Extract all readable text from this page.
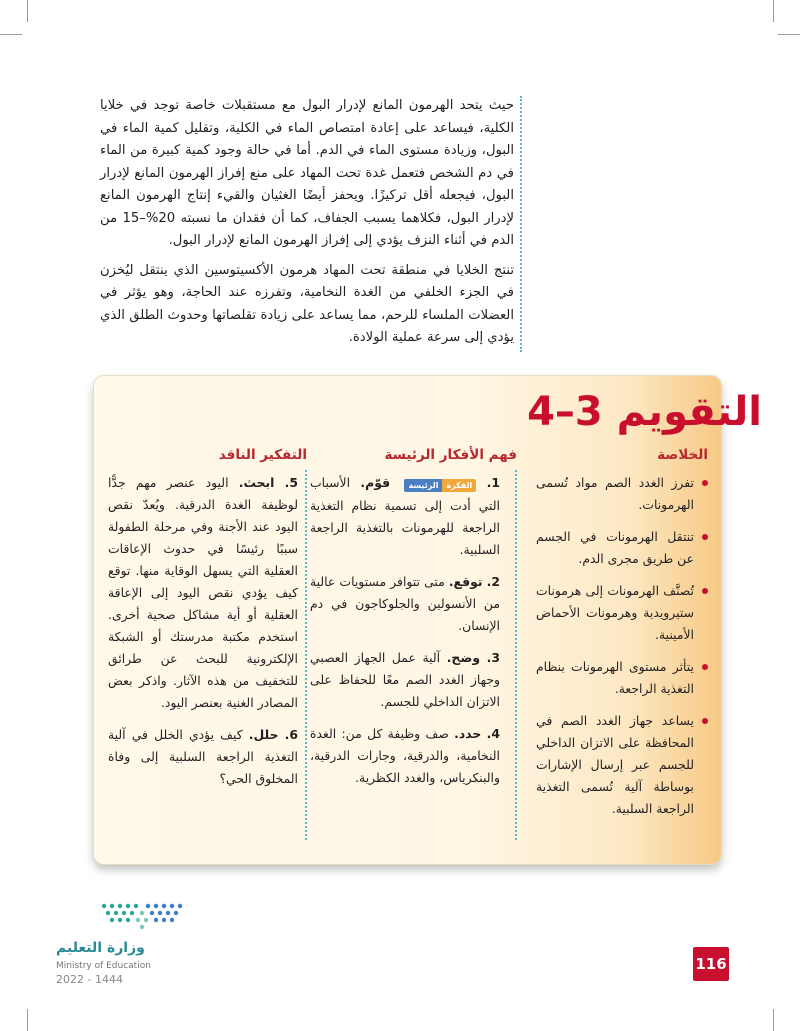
حيث يتحد الهرمون المانع لإدرار البول مع مستقبلات خاصة توجد في خلايا الكلية، فيساعد على إعادة امتصاص الماء في الكلية، وتقليل كمية الماء في البول، وزيادة مستوى الماء في الدم. أما في حالة وجود كمية كبيرة من الماء في دم الشخص فتعمل غدة تحت المهاد على منع إفراز الهرمون المانع لإدرار البول، فيجعله أقل تركيزًا. ويحفز أيضًا الغثيان والقيء إنتاج الهرمون المانع لإدرار البول، فكلاهما يسبب الجفاف، كما أن فقدان ما نسبته 20%–15 من الدم في أثناء النزف يؤدي إلى إفراز الهرمون المانع لإدرار البول.

تنتج الخلايا في منطقة تحت المهاد هرمون الأكسيتوسين الذي ينتقل ليُخزن في الجزء الخلفي من الغدة النخامية، وتفرزه عند الحاجة، وهو يؤثر في العضلات الملساء للرحم، مما يساعد على زيادة تقلصاتها وحدوث الطلق الذي يؤدي إلى سرعة عملية الولادة.

التقويم 3–4
الخلاصة
فهم الأفكار الرئيسة
التفكير الناقد
تفرز الغدد الصم مواد تُسمى الهرمونات.
تنتقل الهرمونات في الجسم عن طريق مجرى الدم.
تُصنَّف الهرمونات إلى هرمونات ستيرويدية وهرمونات الأحماض الأمينية.
يتأثر مستوى الهرمونات بنظام التغذية الراجعة.
يساعد جهاز الغدد الصم في المحافظة على الاتزان الداخلي للجسم عبر إرسال الإشارات بوساطة آلية تُسمى التغذية الراجعة السلبية.
1. الفكرةالرئيسة قوّم. الأسباب التي أدت إلى تسمية نظام التغذية الراجعة للهرمونات بالتغذية الراجعة السلبية.
2. توقع. متى تتوافر مستويات عالية من الأنسولين والجلوكاجون في دم الإنسان.
3. وضح. آلية عمل الجهاز العصبي وجهاز الغدد الصم معًا للحفاظ على الاتزان الداخلي للجسم.
4. حدد. صف وظيفة كل من: الغدة النخامية، والدرقية، وجارات الدرقية، والبنكرياس، والغدد الكظرية.
5. ابحث. اليود عنصر مهم جدًّا لوظيفة الغدة الدرقية. ويُعدّ نقص اليود عند الأجنة وفي مرحلة الطفولة سببًا رئيسًا في حدوث الإعاقات العقلية التي يسهل الوقاية منها. توقع كيف يؤدي نقص اليود إلى الإعاقة العقلية أو أية مشاكل صحية أخرى. استخدم مكتبة مدرستك أو الشبكة الإلكترونية للبحث عن طرائق للتخفيف من هذه الآثار. واذكر بعض المصادر الغنية بعنصر اليود.
6. حلل. كيف يؤدي الخلل في آلية التغذية الراجعة السلبية إلى وفاة المخلوق الحي؟

وزارة التعليم

Ministry of Education

2022 - 1444

116
